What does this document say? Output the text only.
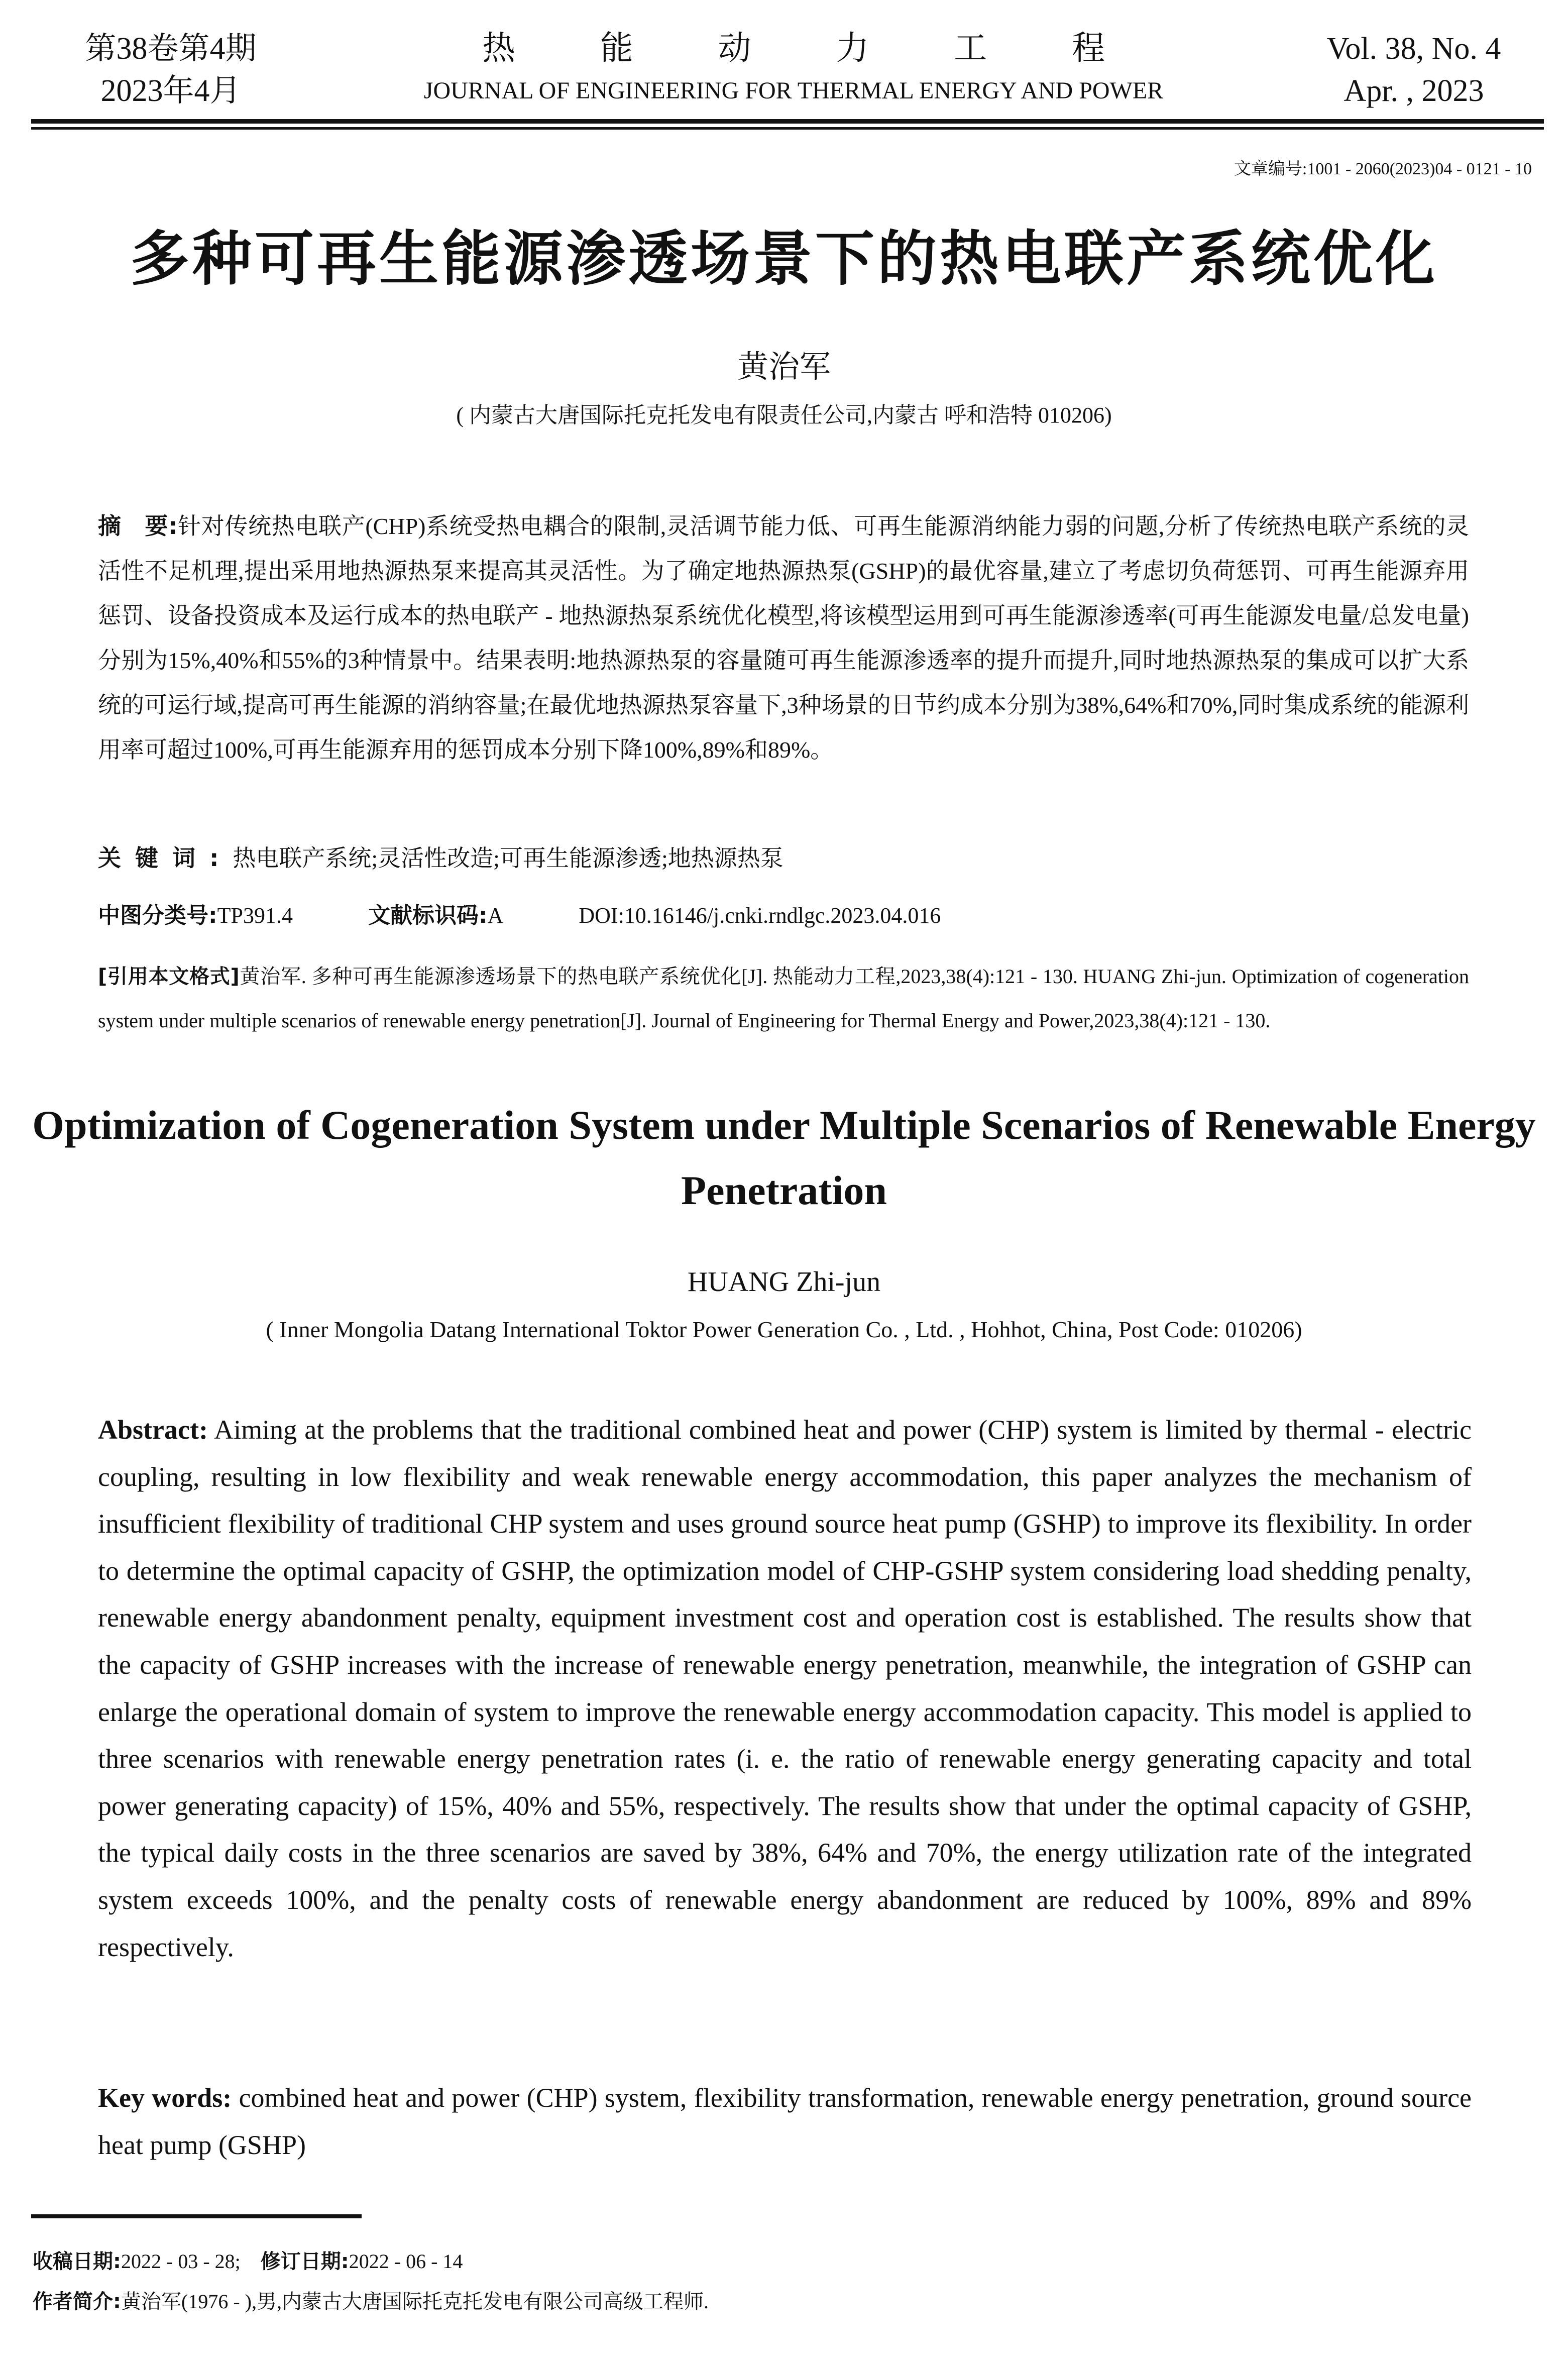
第38卷第4期
2023年4月
热	能	动	力	工	程
JOURNAL OF ENGINEERING FOR THERMAL ENERGY AND POWER
Vol. 38, No. 4
Apr. , 2023
文章编号:1001 - 2060(2023)04 - 0121 - 10
多种可再生能源渗透场景下的热电联产系统优化
黄治军
( 内蒙古大唐国际托克托发电有限责任公司,内蒙古 呼和浩特 010206)
摘　要:针对传统热电联产(CHP)系统受热电耦合的限制,灵活调节能力低、可再生能源消纳能力弱的问题,分析了传统热电联产系统的灵活性不足机理,提出采用地热源热泵来提高其灵活性。为了确定地热源热泵(GSHP)的最优容量,建立了考虑切负荷惩罚、可再生能源弃用惩罚、设备投资成本及运行成本的热电联产 - 地热源热泵系统优化模型,将该模型运用到可再生能源渗透率(可再生能源发电量/总发电量)分别为15%,40%和55%的3种情景中。结果表明:地热源热泵的容量随可再生能源渗透率的提升而提升,同时地热源热泵的集成可以扩大系统的可运行域,提高可再生能源的消纳容量;在最优地热源热泵容量下,3种场景的日节约成本分别为38%,64%和70%,同时集成系统的能源利用率可超过100%,可再生能源弃用的惩罚成本分别下降100%,89%和89%。
关键词:热电联产系统;灵活性改造;可再生能源渗透;地热源热泵
中图分类号:TP391.4	文献标识码:A	DOI:10.16146/j.cnki.rndlgc.2023.04.016
[引用本文格式]黄治军. 多种可再生能源渗透场景下的热电联产系统优化[J]. 热能动力工程,2023,38(4):121 - 130. HUANG Zhi-jun. Optimization of cogeneration system under multiple scenarios of renewable energy penetration[J]. Journal of Engineering for Thermal Energy and Power,2023,38(4):121 - 130.
Optimization of Cogeneration System under Multiple Scenarios of Renewable Energy Penetration
HUANG Zhi-jun
( Inner Mongolia Datang International Toktor Power Generation Co. , Ltd. , Hohhot, China, Post Code: 010206)
Abstract: Aiming at the problems that the traditional combined heat and power (CHP) system is limited by thermal - electric coupling, resulting in low flexibility and weak renewable energy accommodation, this paper analyzes the mechanism of insufficient flexibility of traditional CHP system and uses ground source heat pump (GSHP) to improve its flexibility. In order to determine the optimal capacity of GSHP, the optimization model of CHP-GSHP system considering load shedding penalty, renewable energy abandonment penalty, equipment investment cost and operation cost is established. The results show that the capacity of GSHP increases with the increase of renewable energy penetration, meanwhile, the integration of GSHP can enlarge the operational domain of system to improve the renewable energy accommodation capacity. This model is applied to three scenarios with renewable energy penetration rates (i. e. the ratio of renewable energy generating capacity and total power generating capacity) of 15%, 40% and 55%, respectively. The results show that under the optimal capacity of GSHP, the typical daily costs in the three scenarios are saved by 38%, 64% and 70%, the energy utilization rate of the integrated system exceeds 100%, and the penalty costs of renewable energy abandonment are reduced by 100%, 89% and 89% respectively.
Key words: combined heat and power (CHP) system, flexibility transformation, renewable energy penetration, ground source heat pump (GSHP)
收稿日期:2022 - 03 - 28; 修订日期:2022 - 06 - 14
作者简介:黄治军(1976 - ),男,内蒙古大唐国际托克托发电有限公司高级工程师.
